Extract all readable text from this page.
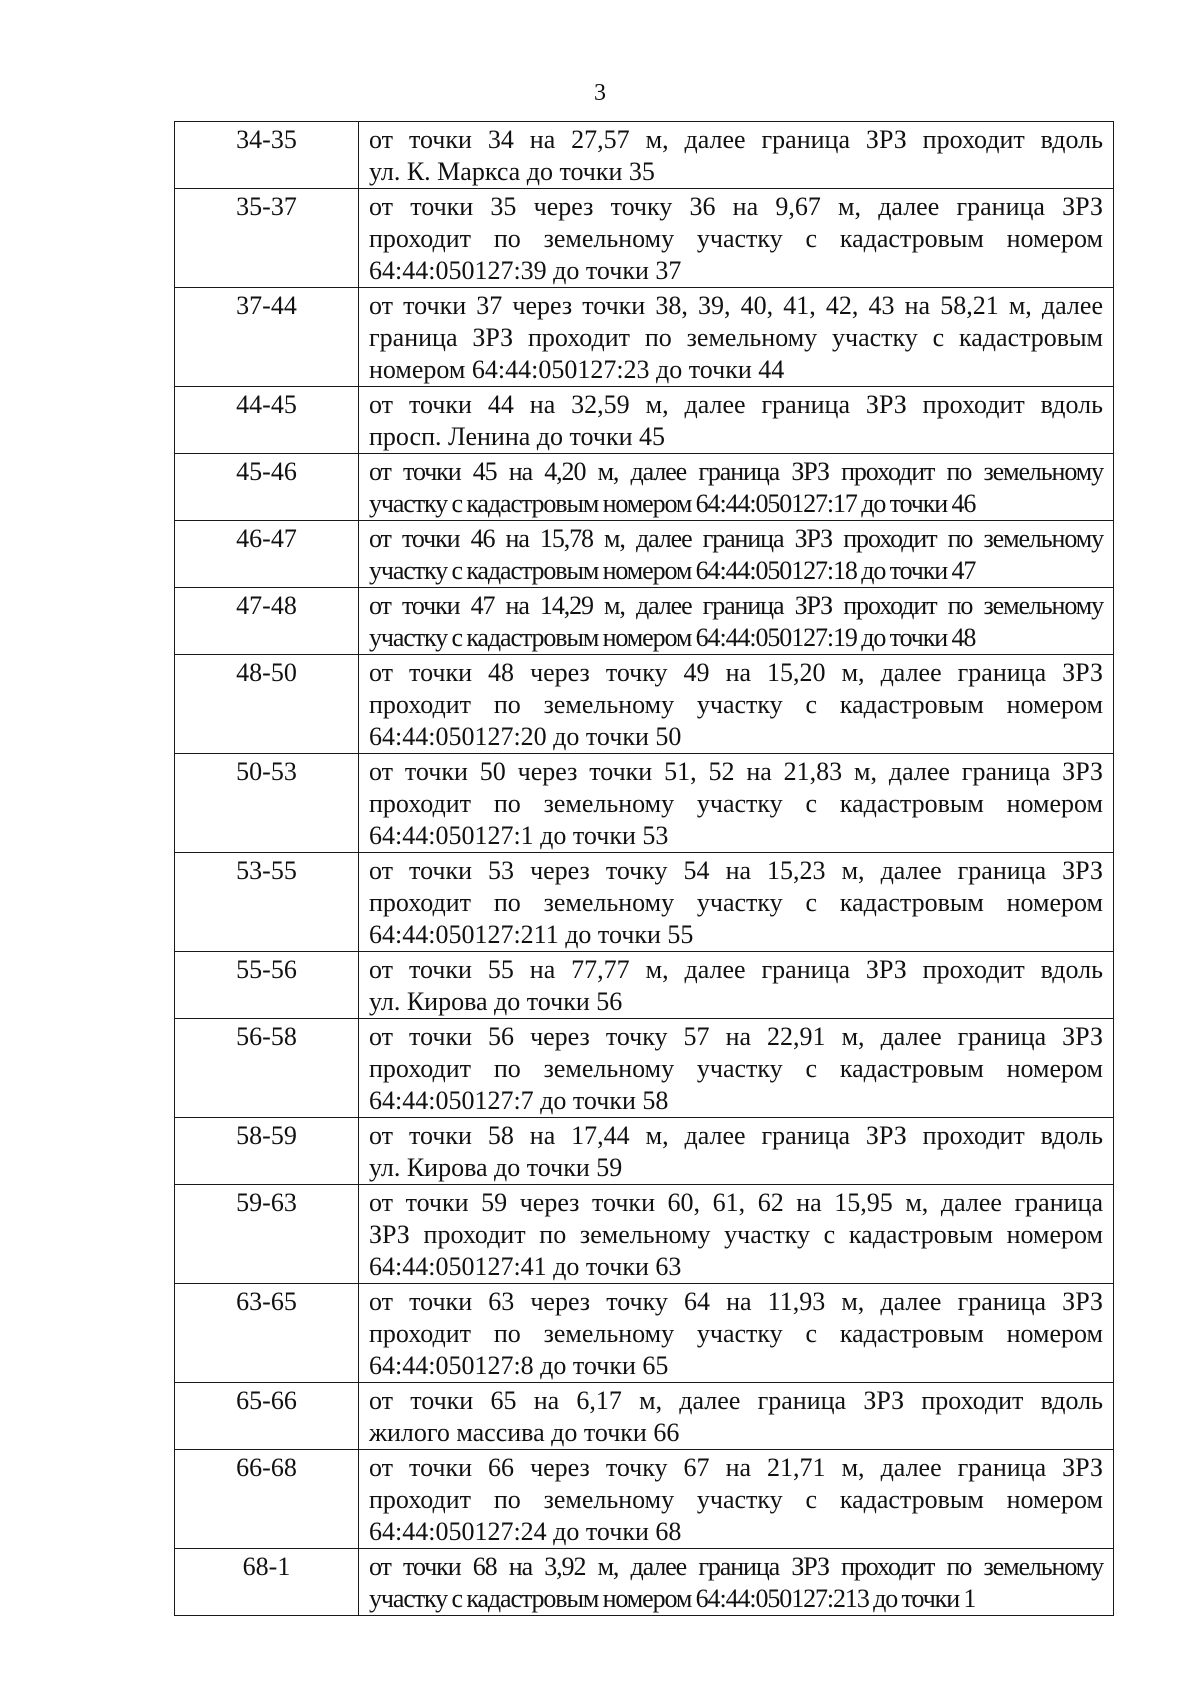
3
34-35	от точки 34 на 27,57 м, далее граница ЗРЗ проходит вдоль
ул. К. Маркса до точки 35

35-37	от точки 35 через точку 36 на 9,67 м, далее граница ЗРЗ
проходит по земельному участку с кадастровым номером
64:44:050127:39 до точки 37

37-44	от точки 37 через точки 38, 39, 40, 41, 42, 43 на 58,21 м, далее
граница ЗРЗ проходит по земельному участку с кадастровым
номером 64:44:050127:23 до точки 44

44-45	от точки 44 на 32,59 м, далее граница ЗРЗ проходит вдоль
просп. Ленина до точки 45

45-46	от точки 45 на 4,20 м, далее граница ЗРЗ проходит по земельному
участку с кадастровым номером 64:44:050127:17 до точки 46

46-47	от точки 46 на 15,78 м, далее граница ЗРЗ проходит по земельному
участку с кадастровым номером 64:44:050127:18 до точки 47

47-48	от точки 47 на 14,29 м, далее граница ЗРЗ проходит по земельному
участку с кадастровым номером 64:44:050127:19 до точки 48

48-50	от точки 48 через точку 49 на 15,20 м, далее граница ЗРЗ
проходит по земельному участку с кадастровым номером
64:44:050127:20 до точки 50

50-53	от точки 50 через точки 51, 52 на 21,83 м, далее граница ЗРЗ
проходит по земельному участку с кадастровым номером
64:44:050127:1 до точки 53

53-55	от точки 53 через точку 54 на 15,23 м, далее граница ЗРЗ
проходит по земельному участку с кадастровым номером
64:44:050127:211 до точки 55

55-56	от точки 55 на 77,77 м, далее граница ЗРЗ проходит вдоль
ул. Кирова до точки 56

56-58	от точки 56 через точку 57 на 22,91 м, далее граница ЗРЗ
проходит по земельному участку с кадастровым номером
64:44:050127:7 до точки 58

58-59	от точки 58 на 17,44 м, далее граница ЗРЗ проходит вдоль
ул. Кирова до точки 59

59-63	от точки 59 через точки 60, 61, 62 на 15,95 м, далее граница
ЗРЗ проходит по земельному участку с кадастровым номером
64:44:050127:41 до точки 63

63-65	от точки 63 через точку 64 на 11,93 м, далее граница ЗРЗ
проходит по земельному участку с кадастровым номером
64:44:050127:8 до точки 65

65-66	от точки 65 на 6,17 м, далее граница ЗРЗ проходит вдоль
жилого массива до точки 66

66-68	от точки 66 через точку 67 на 21,71 м, далее граница ЗРЗ
проходит по земельному участку с кадастровым номером
64:44:050127:24 до точки 68

68-1	от точки 68 на 3,92 м, далее граница ЗРЗ проходит по земельному
участку с кадастровым номером 64:44:050127:213 до точки 1
